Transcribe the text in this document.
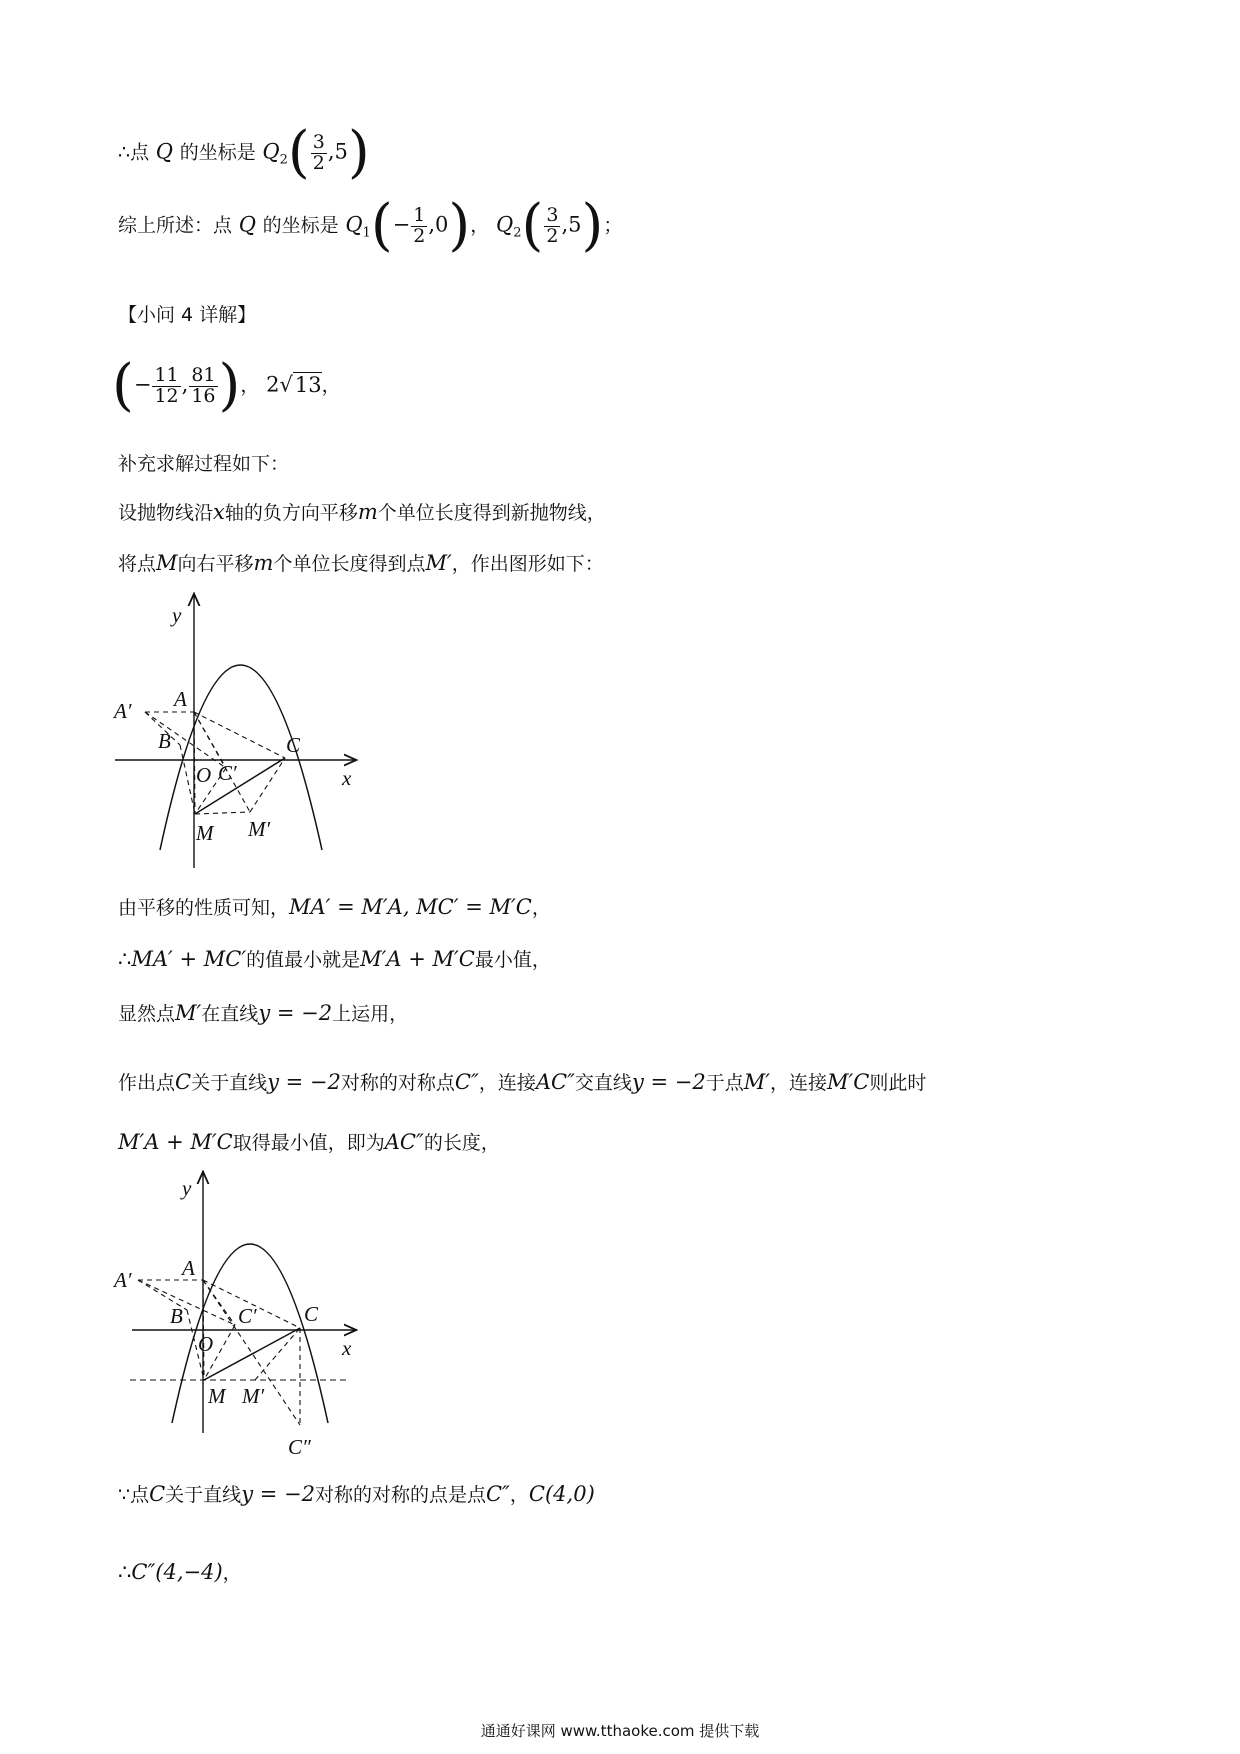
∴点 Q 的坐标是 $Q_2( \frac{3}{2} ,5)$
综上所述：点 Q 的坐标是 $Q_1(- \frac{1}{2} ,0)$， $Q_2( \frac{3}{2} ,5)$；
【小问 4 详解】
(− $\frac{11}{12}$ , $\frac{81}{16}$ )， 2√13，
补充求解过程如下：
设抛物线沿x轴的负方向平移m个单位长度得到新抛物线，
将点M向右平移m个单位长度得到点M′，作出图形如下：
y
x
A′ A
B	C
O C′
M M′
由平移的性质可知，MA′ = M′A, MC′ = M′C，
∴MA′ + MC′的值最小就是M′A + M′C最小值，
显然点M′在直线y = −2上运用，
作出点C关于直线y = −2对称的对称点C″，连接AC″交直线y = −2于点M′，连接M′C则此时
M′A + M′C取得最小值，即为AC″的长度，
y
x
A′ A
B	C
O
C′
M M′
C″
∵点C关于直线y = −2对称的对称的点是点C″，C(4,0)
∴C″(4,−4)，
通通好课网 www.tthaoke.com 提供下载
